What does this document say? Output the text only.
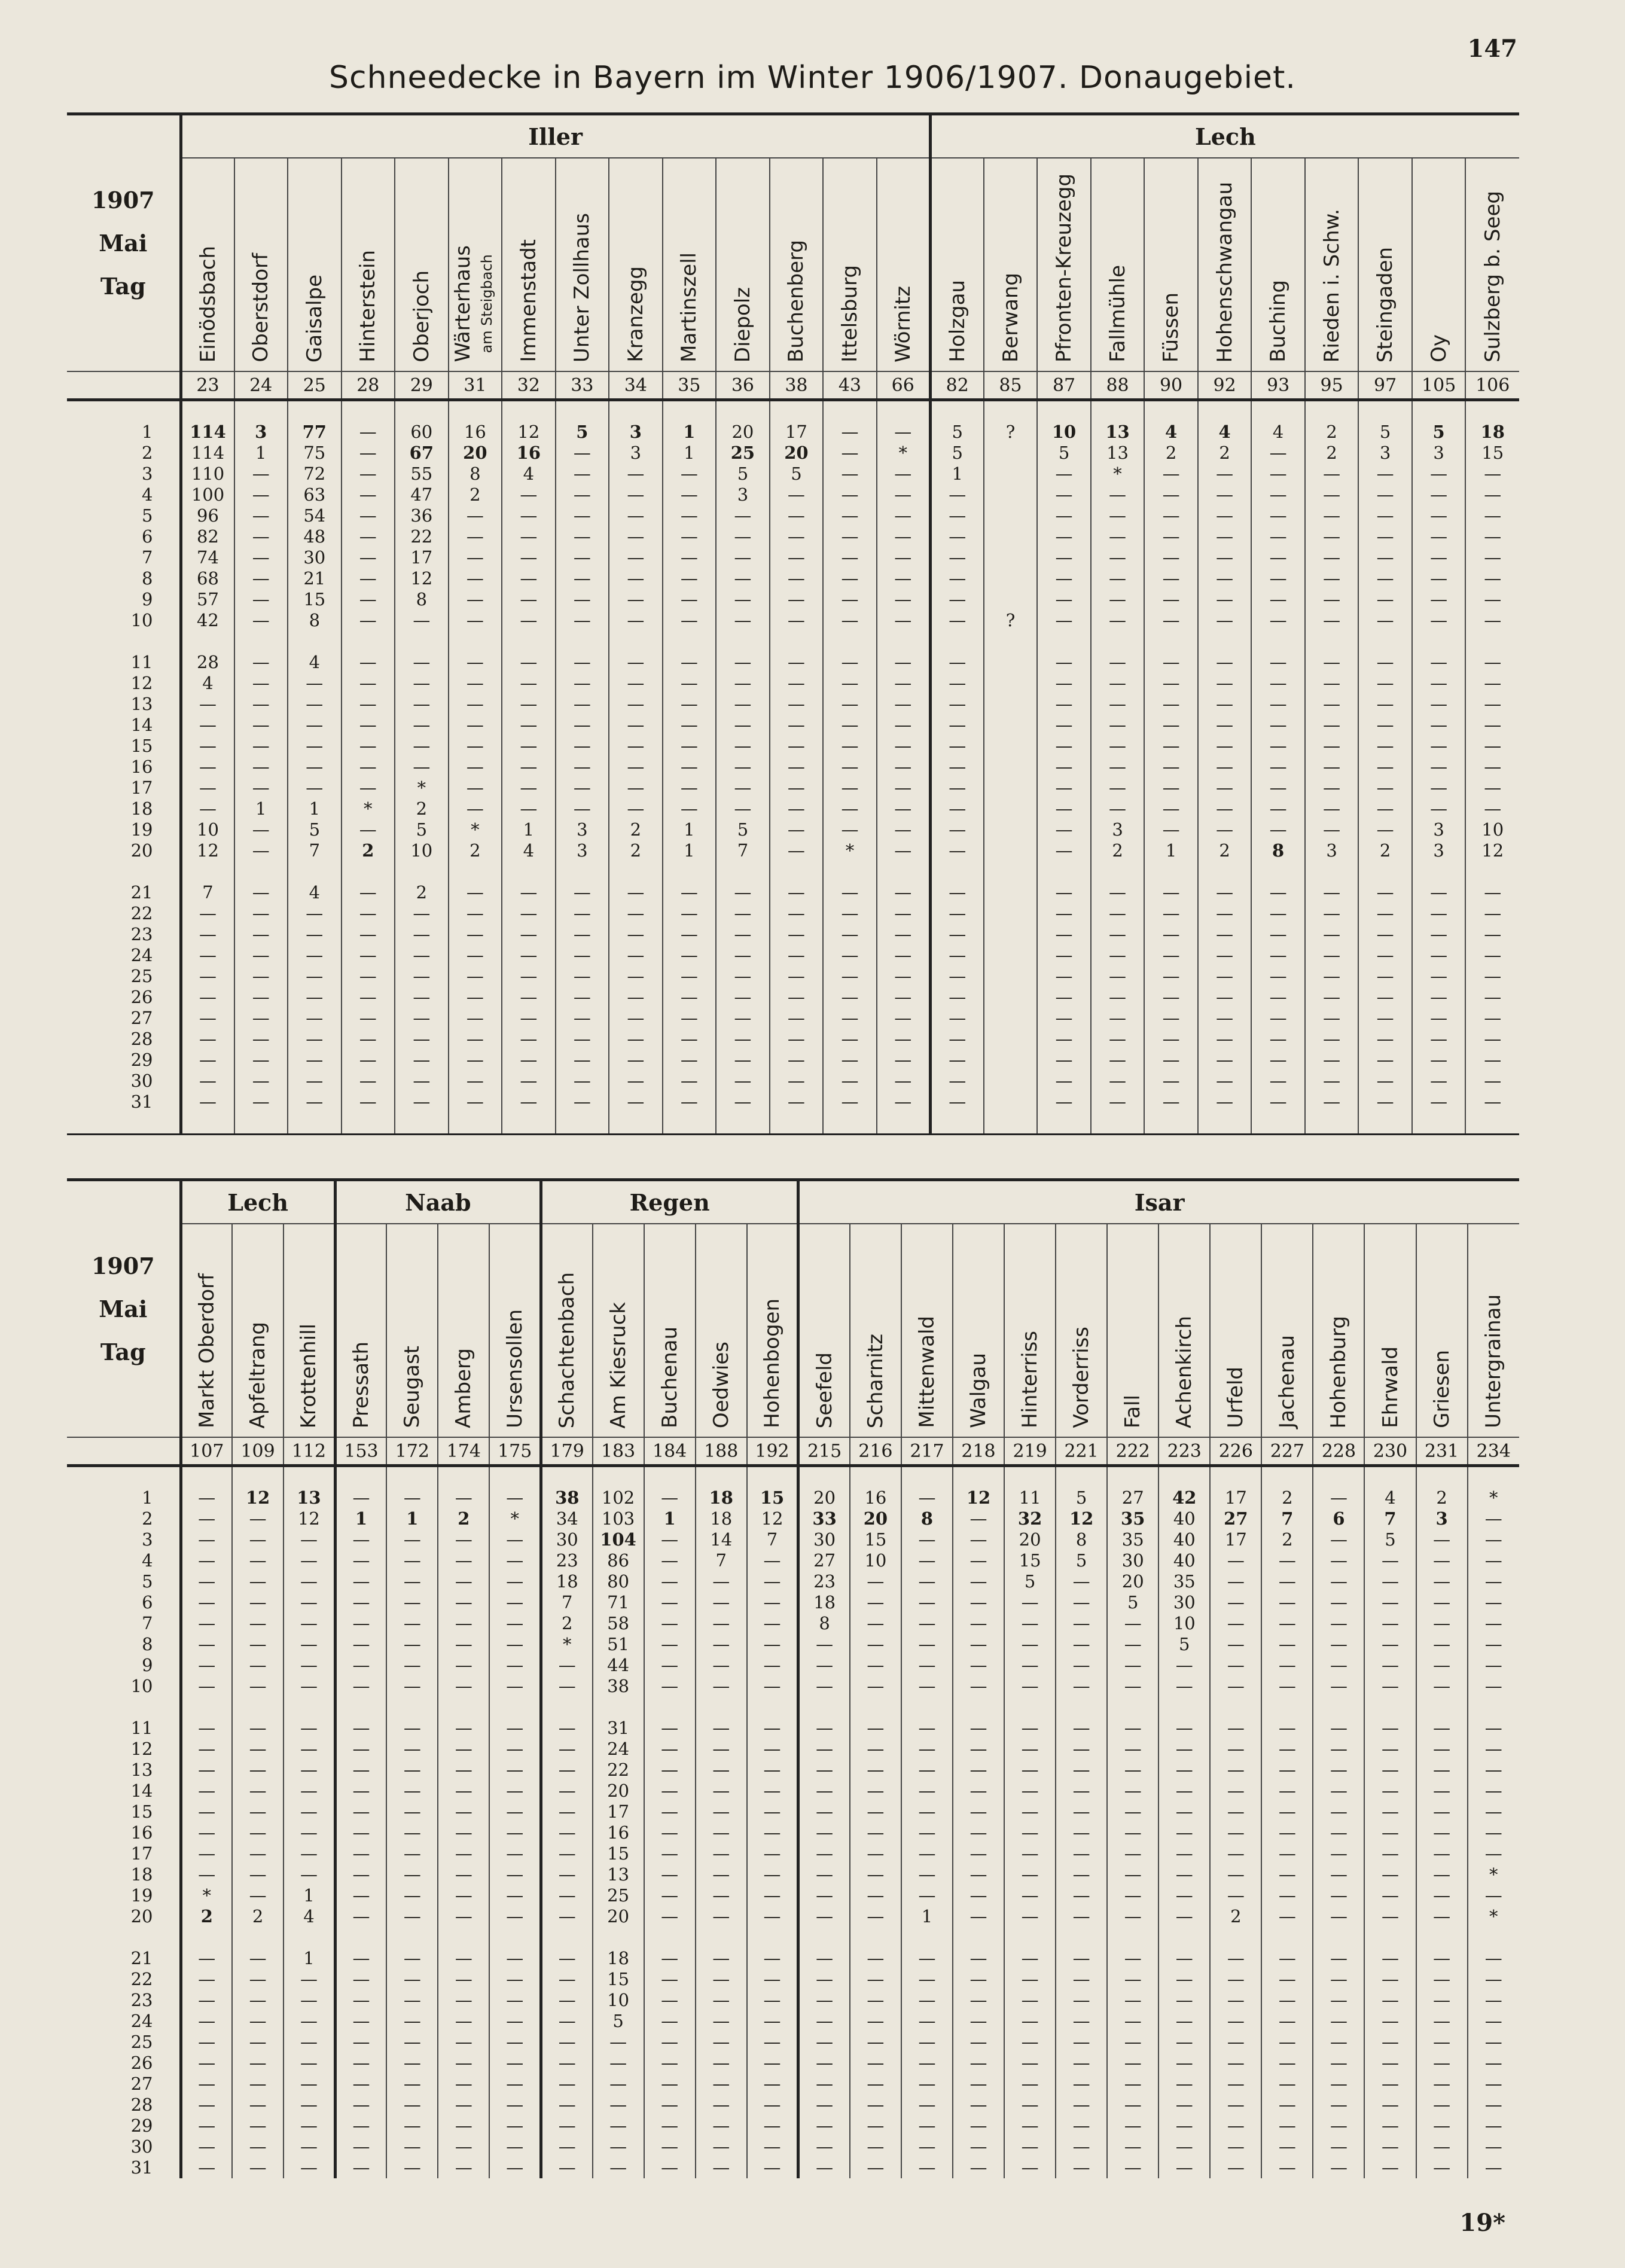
147
Schneedecke in Bayern im Winter 1906/1907. Donaugebiet.
1907
Mai
Tag	Iller														Lech										

	Einödsbach	Oberstdorf	Gaisalpe	Hinterstein	Oberjoch	Wärterhaus am Steigbach	Immenstadt	Unter Zollhaus	Kranzegg	Martinszell	Diepolz	Buchenberg	Ittelsburg	Wörnitz	Holzgau	Berwang	Pfronten-Kreuzegg	Fallmühle	Füssen	Hohenschwangau	Buching	Rieden i. Schw.	Steingaden	Oy	Sulzberg b. Seeg

	23	24	25	28	29	31	32	33	34	35	36	38	43	66	82	85	87	88	90	92	93	95	97	105	106

1	114	3	77	—	60	16	12	5	3	1	20	17	—	—	5	?	10	13	4	4	4	2	5	5	18
2	114	1	75	—	67	20	16	—	3	1	25	20	—	*	5		5	13	2	2	—	2	3	3	15
3	110	—	72	—	55	8	4	—	—	—	5	5	—	—	1		—	*	—	—	—	—	—	—	—
4	100	—	63	—	47	2	—	—	—	—	3	—	—	—	—		—	—	—	—	—	—	—	—	—
5	96	—	54	—	36	—	—	—	—	—	—	—	—	—	—		—	—	—	—	—	—	—	—	—
6	82	—	48	—	22	—	—	—	—	—	—	—	—	—	—		—	—	—	—	—	—	—	—	—
7	74	—	30	—	17	—	—	—	—	—	—	—	—	—	—		—	—	—	—	—	—	—	—	—
8	68	—	21	—	12	—	—	—	—	—	—	—	—	—	—		—	—	—	—	—	—	—	—	—
9	57	—	15	—	8	—	—	—	—	—	—	—	—	—	—		—	—	—	—	—	—	—	—	—
10	42	—	8	—	—	—	—	—	—	—	—	—	—	—	—	?	—	—	—	—	—	—	—	—	—

11	28	—	4	—	—	—	—	—	—	—	—	—	—	—	—		—	—	—	—	—	—	—	—	—
12	4	—	—	—	—	—	—	—	—	—	—	—	—	—	—		—	—	—	—	—	—	—	—	—
13	—	—	—	—	—	—	—	—	—	—	—	—	—	—	—		—	—	—	—	—	—	—	—	—
14	—	—	—	—	—	—	—	—	—	—	—	—	—	—	—		—	—	—	—	—	—	—	—	—
15	—	—	—	—	—	—	—	—	—	—	—	—	—	—	—		—	—	—	—	—	—	—	—	—
16	—	—	—	—	—	—	—	—	—	—	—	—	—	—	—		—	—	—	—	—	—	—	—	—
17	—	—	—	—	*	—	—	—	—	—	—	—	—	—	—		—	—	—	—	—	—	—	—	—
18	—	1	1	*	2	—	—	—	—	—	—	—	—	—	—		—	—	—	—	—	—	—	—	—
19	10	—	5	—	5	*	1	3	2	1	5	—	—	—	—		—	3	—	—	—	—	—	3	10
20	12	—	7	2	10	2	4	3	2	1	7	—	*	—	—		—	2	1	2	8	3	2	3	12

21	7	—	4	—	2	—	—	—	—	—	—	—	—	—	—		—	—	—	—	—	—	—	—	—
22	—	—	—	—	—	—	—	—	—	—	—	—	—	—	—		—	—	—	—	—	—	—	—	—
23	—	—	—	—	—	—	—	—	—	—	—	—	—	—	—		—	—	—	—	—	—	—	—	—
24	—	—	—	—	—	—	—	—	—	—	—	—	—	—	—		—	—	—	—	—	—	—	—	—
25	—	—	—	—	—	—	—	—	—	—	—	—	—	—	—		—	—	—	—	—	—	—	—	—
26	—	—	—	—	—	—	—	—	—	—	—	—	—	—	—		—	—	—	—	—	—	—	—	—
27	—	—	—	—	—	—	—	—	—	—	—	—	—	—	—		—	—	—	—	—	—	—	—	—
28	—	—	—	—	—	—	—	—	—	—	—	—	—	—	—		—	—	—	—	—	—	—	—	—
29	—	—	—	—	—	—	—	—	—	—	—	—	—	—	—		—	—	—	—	—	—	—	—	—
30	—	—	—	—	—	—	—	—	—	—	—	—	—	—	—		—	—	—	—	—	—	—	—	—
31	—	—	—	—	—	—	—	—	—	—	—	—	—	—	—		—	—	—	—	—	—	—	—	—

1907
Mai
Tag	Lech			Naab				Regen					Isar													

	Markt Oberdorf	Apfeltrang	Krottenhill	Pressath	Seugast	Amberg	Ursensollen	Schachtenbach	Am Kiesruck	Buchenau	Oedwies	Hohenbogen	Seefeld	Scharnitz	Mittenwald	Walgau	Hinterriss	Vorderriss	Fall	Achenkirch	Urfeld	Jachenau	Hohenburg	Ehrwald	Griesen	Untergrainau

	107	109	112	153	172	174	175	179	183	184	188	192	215	216	217	218	219	221	222	223	226	227	228	230	231	234

1	—	12	13	—	—	—	—	38	102	—	18	15	20	16	—	12	11	5	27	42	17	2	—	4	2	*
2	—	—	12	1	1	2	*	34	103	1	18	12	33	20	8	—	32	12	35	40	27	7	6	7	3	—
3	—	—	—	—	—	—	—	30	104	—	14	7	30	15	—	—	20	8	35	40	17	2	—	5	—	—
4	—	—	—	—	—	—	—	23	86	—	7	—	27	10	—	—	15	5	30	40	—	—	—	—	—	—
5	—	—	—	—	—	—	—	18	80	—	—	—	23	—	—	—	5	—	20	35	—	—	—	—	—	—
6	—	—	—	—	—	—	—	7	71	—	—	—	18	—	—	—	—	—	5	30	—	—	—	—	—	—
7	—	—	—	—	—	—	—	2	58	—	—	—	8	—	—	—	—	—	—	10	—	—	—	—	—	—
8	—	—	—	—	—	—	—	*	51	—	—	—	—	—	—	—	—	—	—	5	—	—	—	—	—	—
9	—	—	—	—	—	—	—	—	44	—	—	—	—	—	—	—	—	—	—	—	—	—	—	—	—	—
10	—	—	—	—	—	—	—	—	38	—	—	—	—	—	—	—	—	—	—	—	—	—	—	—	—	—

11	—	—	—	—	—	—	—	—	31	—	—	—	—	—	—	—	—	—	—	—	—	—	—	—	—	—
12	—	—	—	—	—	—	—	—	24	—	—	—	—	—	—	—	—	—	—	—	—	—	—	—	—	—
13	—	—	—	—	—	—	—	—	22	—	—	—	—	—	—	—	—	—	—	—	—	—	—	—	—	—
14	—	—	—	—	—	—	—	—	20	—	—	—	—	—	—	—	—	—	—	—	—	—	—	—	—	—
15	—	—	—	—	—	—	—	—	17	—	—	—	—	—	—	—	—	—	—	—	—	—	—	—	—	—
16	—	—	—	—	—	—	—	—	16	—	—	—	—	—	—	—	—	—	—	—	—	—	—	—	—	—
17	—	—	—	—	—	—	—	—	15	—	—	—	—	—	—	—	—	—	—	—	—	—	—	—	—	—
18	—	—	—	—	—	—	—	—	13	—	—	—	—	—	—	—	—	—	—	—	—	—	—	—	—	*
19	*	—	1	—	—	—	—	—	25	—	—	—	—	—	—	—	—	—	—	—	—	—	—	—	—	—
20	2	2	4	—	—	—	—	—	20	—	—	—	—	—	1	—	—	—	—	—	2	—	—	—	—	*

21	—	—	1	—	—	—	—	—	18	—	—	—	—	—	—	—	—	—	—	—	—	—	—	—	—	—
22	—	—	—	—	—	—	—	—	15	—	—	—	—	—	—	—	—	—	—	—	—	—	—	—	—	—
23	—	—	—	—	—	—	—	—	10	—	—	—	—	—	—	—	—	—	—	—	—	—	—	—	—	—
24	—	—	—	—	—	—	—	—	5	—	—	—	—	—	—	—	—	—	—	—	—	—	—	—	—	—
25	—	—	—	—	—	—	—	—	—	—	—	—	—	—	—	—	—	—	—	—	—	—	—	—	—	—
26	—	—	—	—	—	—	—	—	—	—	—	—	—	—	—	—	—	—	—	—	—	—	—	—	—	—
27	—	—	—	—	—	—	—	—	—	—	—	—	—	—	—	—	—	—	—	—	—	—	—	—	—	—
28	—	—	—	—	—	—	—	—	—	—	—	—	—	—	—	—	—	—	—	—	—	—	—	—	—	—
29	—	—	—	—	—	—	—	—	—	—	—	—	—	—	—	—	—	—	—	—	—	—	—	—	—	—
30	—	—	—	—	—	—	—	—	—	—	—	—	—	—	—	—	—	—	—	—	—	—	—	—	—	—
31	—	—	—	—	—	—	—	—	—	—	—	—	—	—	—	—	—	—	—	—	—	—	—	—	—	—

19*
